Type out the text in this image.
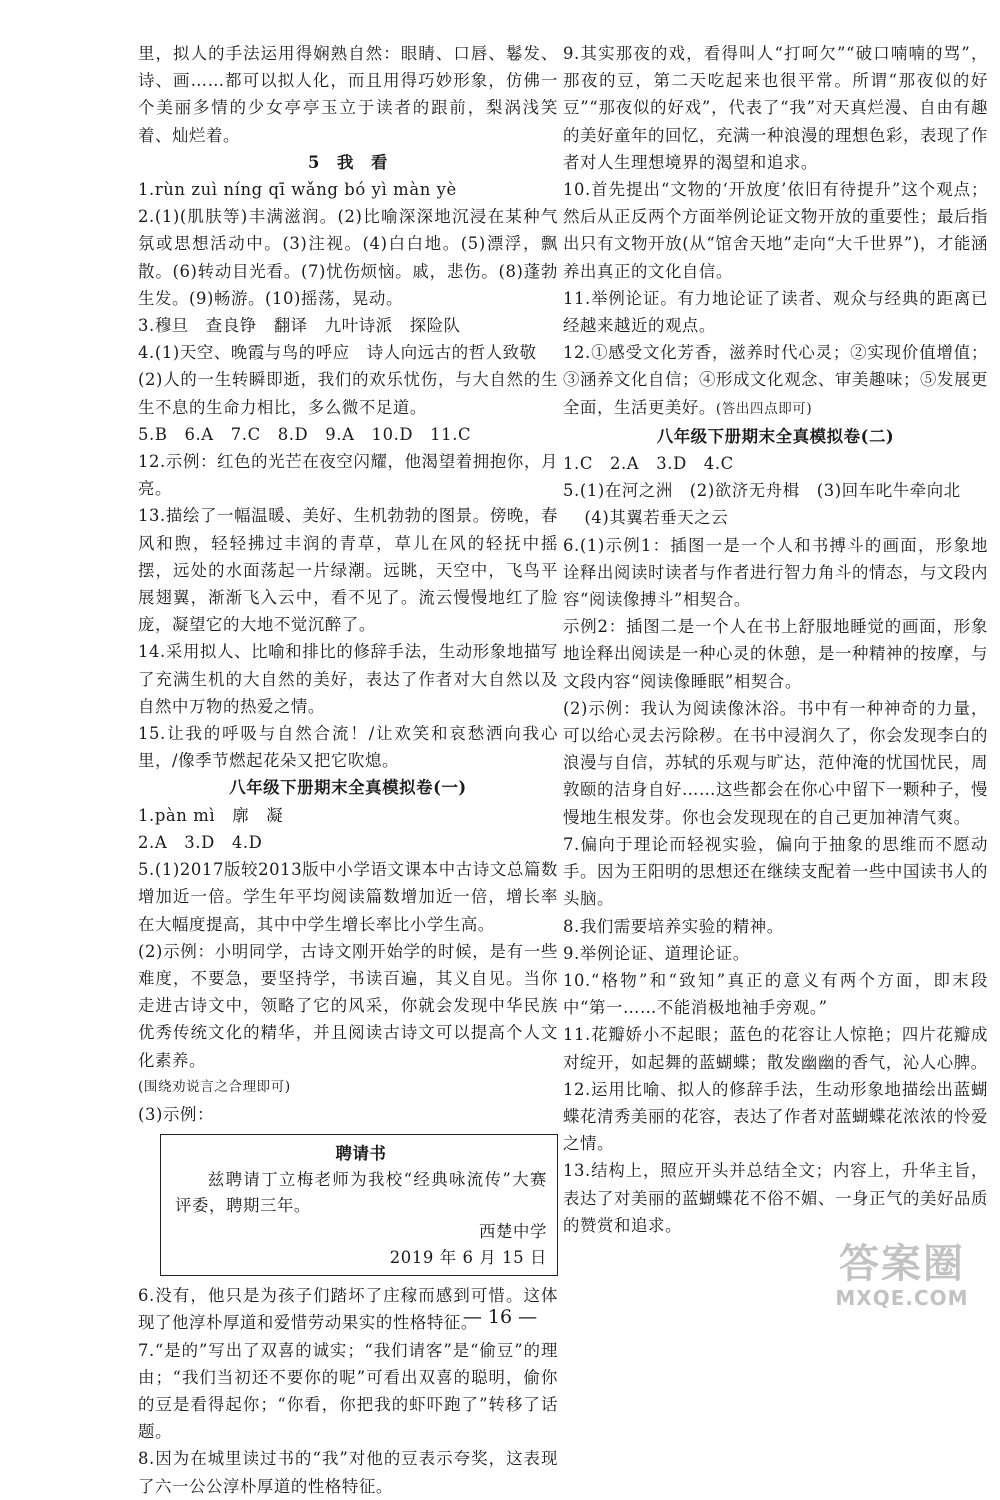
里，拟人的手法运用得娴熟自然：眼睛、口唇、鬈发、诗、画……都可以拟人化，而且用得巧妙形象，仿佛一个美丽多情的少女亭亭玉立于读者的跟前，梨涡浅笑着、灿烂着。

5　我　看

1.rùn zuì níng qī wǎng bó yì màn yè

2.(1)(肌肤等)丰满滋润。(2)比喻深深地沉浸在某种气氛或思想活动中。(3)注视。(4)白白地。(5)漂浮，飘散。(6)转动目光看。(7)忧伤烦恼。戚，悲伤。(8)蓬勃生发。(9)畅游。(10)摇荡，晃动。

3.穆旦　查良铮　翻译　九叶诗派　探险队

4.(1)天空、晚霞与鸟的呼应　诗人向远古的哲人致敬

(2)人的一生转瞬即逝，我们的欢乐忧伤，与大自然的生生不息的生命力相比，多么微不足道。

5.B　6.A　7.C　8.D　9.A　10.D　11.C

12.示例：红色的光芒在夜空闪耀，他渴望着拥抱你，月亮。

13.描绘了一幅温暖、美好、生机勃勃的图景。傍晚，春风和煦，轻轻拂过丰润的青草，草儿在风的轻抚中摇摆，远处的水面荡起一片绿潮。远眺，天空中，飞鸟平展翅翼，渐渐飞入云中，看不见了。流云慢慢地红了脸庞，凝望它的大地不觉沉醉了。

14.采用拟人、比喻和排比的修辞手法，生动形象地描写了充满生机的大自然的美好，表达了作者对大自然以及自然中万物的热爱之情。

15.让我的呼吸与自然合流！/让欢笑和哀愁洒向我心里，/像季节燃起花朵又把它吹熄。

八年级下册期末全真模拟卷(一)

1.pàn mì　廓　凝

2.A　3.D　4.D

5.(1)2017版较2013版中小学语文课本中古诗文总篇数增加近一倍。学生年平均阅读篇数增加近一倍，增长率在大幅度提高，其中中学生增长率比小学生高。

(2)示例：小明同学，古诗文刚开始学的时候，是有一些难度，不要急，要坚持学，书读百遍，其义自见。当你走进古诗文中，领略了它的风采，你就会发现中华民族优秀传统文化的精华，并且阅读古诗文可以提高个人文化素养。

(围绕劝说言之合理即可)

(3)示例：

聘请书
兹聘请丁立梅老师为我校“经典咏流传”大赛评委，聘期三年。
西楚中学
2019 年 6 月 15 日

6.没有，他只是为孩子们踏坏了庄稼而感到可惜。这体现了他淳朴厚道和爱惜劳动果实的性格特征。

7.“是的”写出了双喜的诚实；“我们请客”是“偷豆”的理由；“我们当初还不要你的呢”可看出双喜的聪明，偷你的豆是看得起你；“你看，你把我的虾吓跑了”转移了话题。

8.因为在城里读过书的“我”对他的豆表示夸奖，这表现了六一公公淳朴厚道的性格特征。

9.其实那夜的戏，看得叫人“打呵欠”“破口喃喃的骂”，那夜的豆，第二天吃起来也很平常。所谓“那夜似的好豆”“那夜似的好戏”，代表了“我”对天真烂漫、自由有趣的美好童年的回忆，充满一种浪漫的理想色彩，表现了作者对人生理想境界的渴望和追求。

10.首先提出“文物的‘开放度’依旧有待提升”这个观点；然后从正反两个方面举例论证文物开放的重要性；最后指出只有文物开放(从“馆舍天地”走向“大千世界”)，才能涵养出真正的文化自信。

11.举例论证。有力地论证了读者、观众与经典的距离已经越来越近的观点。

12.①感受文化芳香，滋养时代心灵；②实现价值增值；③涵养文化自信；④形成文化观念、审美趣味；⑤发展更全面，生活更美好。(答出四点即可)

八年级下册期末全真模拟卷(二)

1.C　2.A　3.D　4.C

5.(1)在河之洲　(2)欲济无舟楫　(3)回车叱牛牵向北

(4)其翼若垂天之云

6.(1)示例1：插图一是一个人和书搏斗的画面，形象地诠释出阅读时读者与作者进行智力角斗的情态，与文段内容“阅读像搏斗”相契合。

示例2：插图二是一个人在书上舒服地睡觉的画面，形象地诠释出阅读是一种心灵的休憩，是一种精神的按摩，与文段内容“阅读像睡眠”相契合。

(2)示例：我认为阅读像沐浴。书中有一种神奇的力量，可以给心灵去污除秽。在书中浸润久了，你会发现李白的浪漫与自信，苏轼的乐观与旷达，范仲淹的忧国忧民，周敦颐的洁身自好……这些都会在你心中留下一颗种子，慢慢地生根发芽。你也会发现现在的自己更加神清气爽。

7.偏向于理论而轻视实验，偏向于抽象的思维而不愿动手。因为王阳明的思想还在继续支配着一些中国读书人的头脑。

8.我们需要培养实验的精神。

9.举例论证、道理论证。

10.“格物”和“致知”真正的意义有两个方面，即末段中“第一……不能消极地袖手旁观。”

11.花瓣娇小不起眼；蓝色的花容让人惊艳；四片花瓣成对绽开，如起舞的蓝蝴蝶；散发幽幽的香气，沁人心脾。

12.运用比喻、拟人的修辞手法，生动形象地描绘出蓝蝴蝶花清秀美丽的花容，表达了作者对蓝蝴蝶花浓浓的怜爱之情。

13.结构上，照应开头并总结全文；内容上，升华主旨，表达了对美丽的蓝蝴蝶花不俗不媚、一身正气的美好品质的赞赏和追求。

— 16 —
答案圈
MXQE.COM
